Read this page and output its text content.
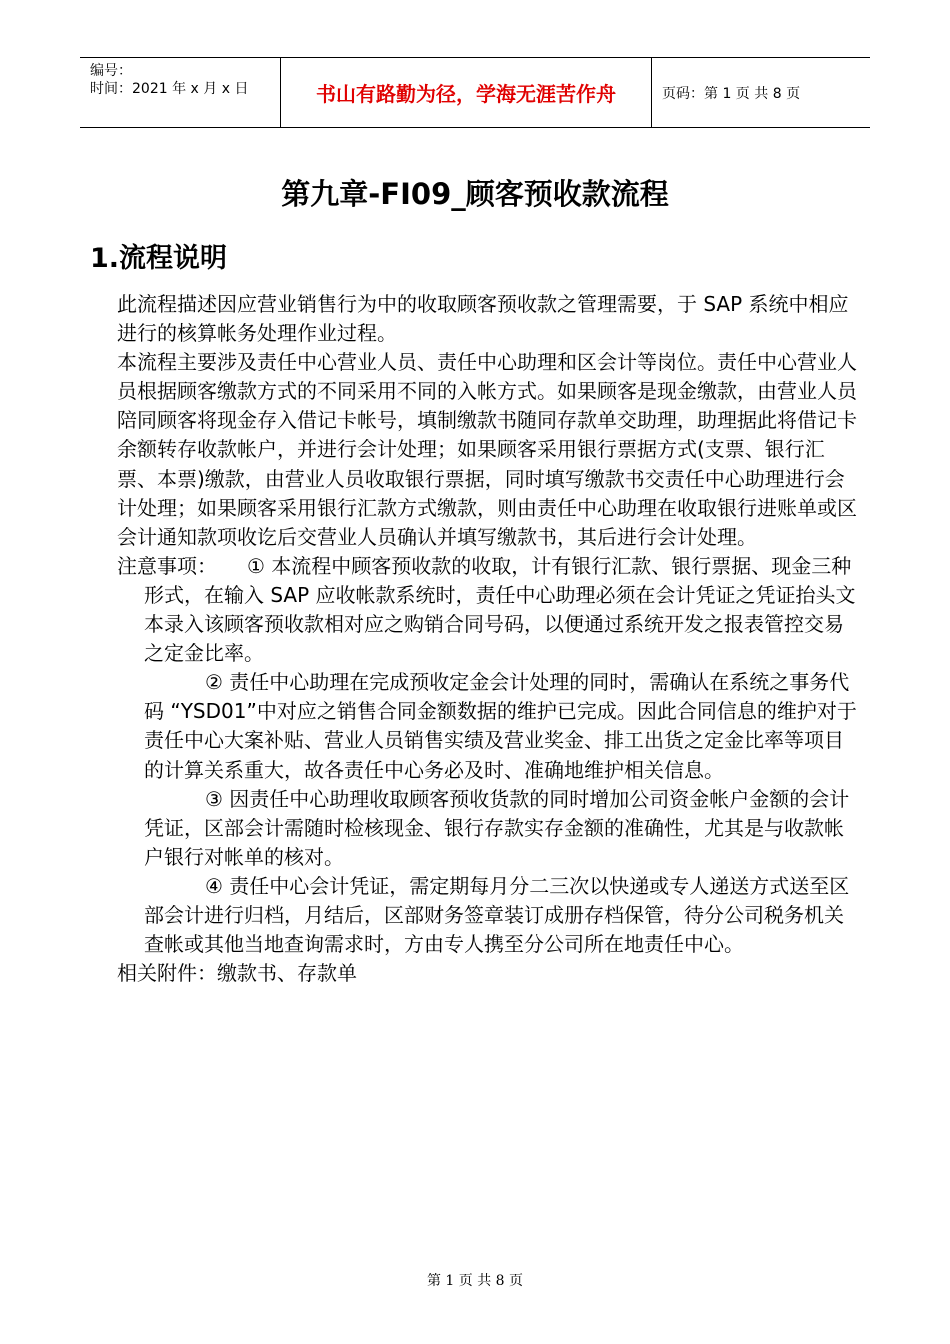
编号：
时间：2021 年 x 月 x 日	书山有路勤为径，学海无涯苦作舟	页码：第 1 页 共 8 页
第九章-FI09_顾客预收款流程
1.流程说明

此流程描述因应营业销售行为中的收取顾客预收款之管理需要，于 SAP 系统中相应进行的核算帐务处理作业过程。

本流程主要涉及责任中心营业人员、责任中心助理和区会计等岗位。责任中心营业人员根据顾客缴款方式的不同采用不同的入帐方式。如果顾客是现金缴款，由营业人员陪同顾客将现金存入借记卡帐号，填制缴款书随同存款单交助理，助理据此将借记卡余额转存收款帐户，并进行会计处理；如果顾客采用银行票据方式(支票、银行汇票、本票)缴款，由营业人员收取银行票据，同时填写缴款书交责任中心助理进行会计处理；如果顾客采用银行汇款方式缴款，则由责任中心助理在收取银行进账单或区会计通知款项收讫后交营业人员确认并填写缴款书，其后进行会计处理。

注意事项： ① 本流程中顾客预收款的收取，计有银行汇款、银行票据、现金三种形式，在输入 SAP 应收帐款系统时，责任中心助理必须在会计凭证之凭证抬头文本录入该顾客预收款相对应之购销合同号码，以便通过系统开发之报表管控交易之定金比率。

② 责任中心助理在完成预收定金会计处理的同时，需确认在系统之事务代码 “YSD01”中对应之销售合同金额数据的维护已完成。因此合同信息的维护对于责任中心大案补贴、营业人员销售实绩及营业奖金、排工出货之定金比率等项目的计算关系重大，故各责任中心务必及时、准确地维护相关信息。

③ 因责任中心助理收取顾客预收货款的同时增加公司资金帐户金额的会计凭证，区部会计需随时检核现金、银行存款实存金额的准确性，尤其是与收款帐户银行对帐单的核对。

④ 责任中心会计凭证，需定期每月分二三次以快递或专人递送方式送至区部会计进行归档，月结后，区部财务签章装订成册存档保管，待分公司税务机关查帐或其他当地查询需求时，方由专人携至分公司所在地责任中心。

相关附件：缴款书、存款单

第 1 页 共 8 页
